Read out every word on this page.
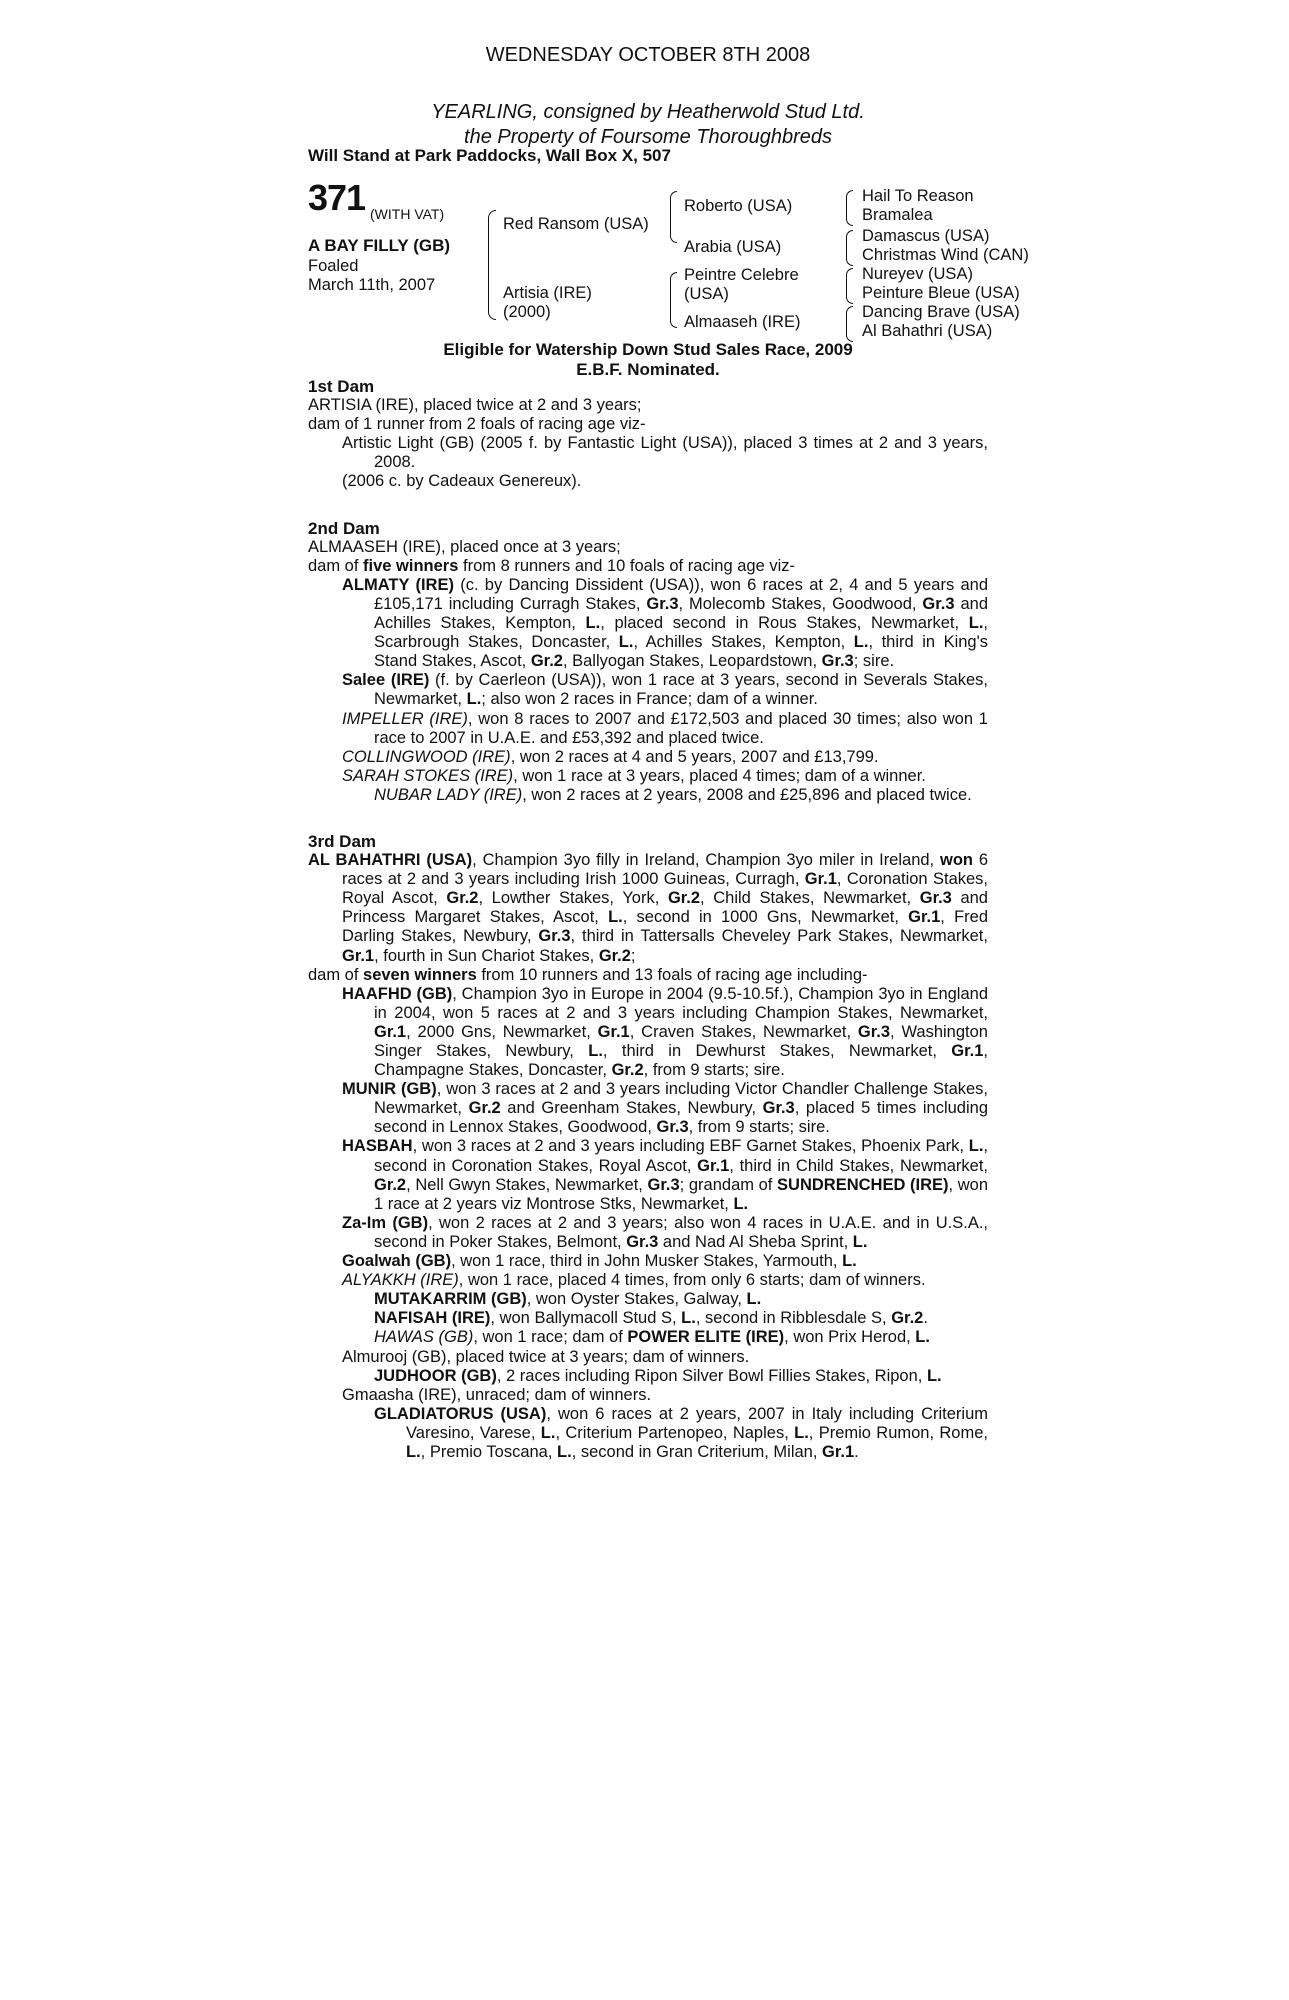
WEDNESDAY OCTOBER 8TH 2008
YEARLING, consigned by Heatherwold Stud Ltd.
the Property of Foursome Thoroughbreds
Will Stand at Park Paddocks, Wall Box X, 507
371 (WITH VAT)
A BAY FILLY (GB)
Foaled
March 11th, 2007
Red Ransom (USA)
Artisia (IRE)
(2000)
Roberto (USA)
Arabia (USA)
Peintre Celebre
(USA)
Almaaseh (IRE)
Hail To Reason
Bramalea
Damascus (USA)
Christmas Wind (CAN)
Nureyev (USA)
Peinture Bleue (USA)
Dancing Brave (USA)
Al Bahathri (USA)
Eligible for Watership Down Stud Sales Race, 2009
E.B.F. Nominated.
1st Dam
ARTISIA (IRE), placed twice at 2 and 3 years;
dam of 1 runner from 2 foals of racing age viz-
Artistic Light (GB) (2005 f. by Fantastic Light (USA)), placed 3 times at 2 and 3 years, 2008.
(2006 c. by Cadeaux Genereux).
2nd Dam
ALMAASEH (IRE), placed once at 3 years;
dam of five winners from 8 runners and 10 foals of racing age viz-
ALMATY (IRE) (c. by Dancing Dissident (USA)), won 6 races at 2, 4 and 5 years and £105,171 including Curragh Stakes, Gr.3, Molecomb Stakes, Goodwood, Gr.3 and Achilles Stakes, Kempton, L., placed second in Rous Stakes, Newmarket, L., Scarbrough Stakes, Doncaster, L., Achilles Stakes, Kempton, L., third in King's Stand Stakes, Ascot, Gr.2, Ballyogan Stakes, Leopardstown, Gr.3; sire.
Salee (IRE) (f. by Caerleon (USA)), won 1 race at 3 years, second in Severals Stakes, Newmarket, L.; also won 2 races in France; dam of a winner.
IMPELLER (IRE), won 8 races to 2007 and £172,503 and placed 30 times; also won 1 race to 2007 in U.A.E. and £53,392 and placed twice.
COLLINGWOOD (IRE), won 2 races at 4 and 5 years, 2007 and £13,799.
SARAH STOKES (IRE), won 1 race at 3 years, placed 4 times; dam of a winner.
NUBAR LADY (IRE), won 2 races at 2 years, 2008 and £25,896 and placed twice.
3rd Dam
AL BAHATHRI (USA), Champion 3yo filly in Ireland, Champion 3yo miler in Ireland, won 6 races at 2 and 3 years including Irish 1000 Guineas, Curragh, Gr.1, Coronation Stakes, Royal Ascot, Gr.2, Lowther Stakes, York, Gr.2, Child Stakes, Newmarket, Gr.3 and Princess Margaret Stakes, Ascot, L., second in 1000 Gns, Newmarket, Gr.1, Fred Darling Stakes, Newbury, Gr.3, third in Tattersalls Cheveley Park Stakes, Newmarket, Gr.1, fourth in Sun Chariot Stakes, Gr.2;
dam of seven winners from 10 runners and 13 foals of racing age including-
HAAFHD (GB), Champion 3yo in Europe in 2004 (9.5-10.5f.), Champion 3yo in England in 2004, won 5 races at 2 and 3 years including Champion Stakes, Newmarket, Gr.1, 2000 Gns, Newmarket, Gr.1, Craven Stakes, Newmarket, Gr.3, Washington Singer Stakes, Newbury, L., third in Dewhurst Stakes, Newmarket, Gr.1, Champagne Stakes, Doncaster, Gr.2, from 9 starts; sire.
MUNIR (GB), won 3 races at 2 and 3 years including Victor Chandler Challenge Stakes, Newmarket, Gr.2 and Greenham Stakes, Newbury, Gr.3, placed 5 times including second in Lennox Stakes, Goodwood, Gr.3, from 9 starts; sire.
HASBAH, won 3 races at 2 and 3 years including EBF Garnet Stakes, Phoenix Park, L., second in Coronation Stakes, Royal Ascot, Gr.1, third in Child Stakes, Newmarket, Gr.2, Nell Gwyn Stakes, Newmarket, Gr.3; grandam of SUNDRENCHED (IRE), won 1 race at 2 years viz Montrose Stks, Newmarket, L.
Za-Im (GB), won 2 races at 2 and 3 years; also won 4 races in U.A.E. and in U.S.A., second in Poker Stakes, Belmont, Gr.3 and Nad Al Sheba Sprint, L.
Goalwah (GB), won 1 race, third in John Musker Stakes, Yarmouth, L.
ALYAKKH (IRE), won 1 race, placed 4 times, from only 6 starts; dam of winners.
MUTAKARRIM (GB), won Oyster Stakes, Galway, L.
NAFISAH (IRE), won Ballymacoll Stud S, L., second in Ribblesdale S, Gr.2.
HAWAS (GB), won 1 race; dam of POWER ELITE (IRE), won Prix Herod, L.
Almurooj (GB), placed twice at 3 years; dam of winners.
JUDHOOR (GB), 2 races including Ripon Silver Bowl Fillies Stakes, Ripon, L.
Gmaasha (IRE), unraced; dam of winners.
GLADIATORUS (USA), won 6 races at 2 years, 2007 in Italy including Criterium Varesino, Varese, L., Criterium Partenopeo, Naples, L., Premio Rumon, Rome, L., Premio Toscana, L., second in Gran Criterium, Milan, Gr.1.
